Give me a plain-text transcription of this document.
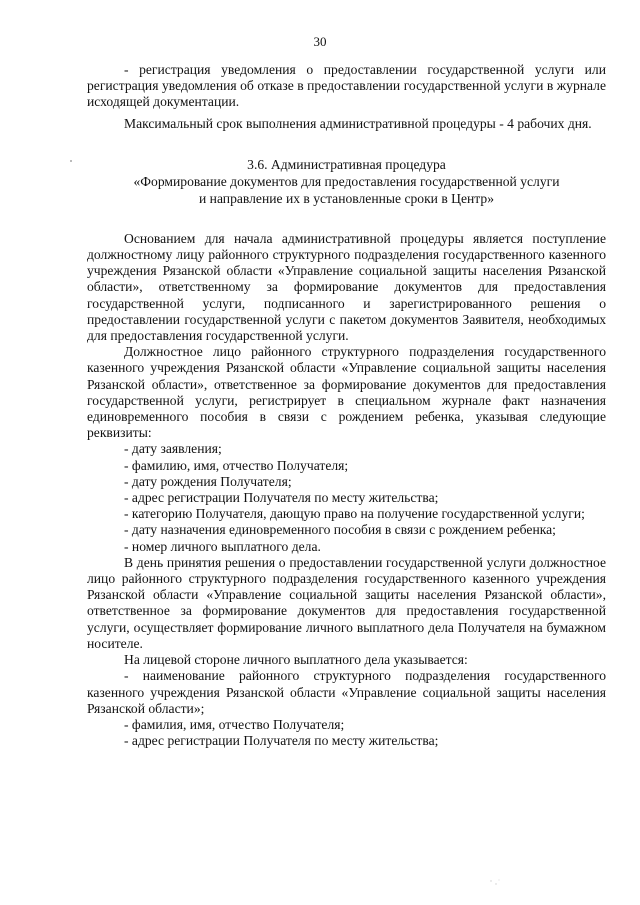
30

- регистрация уведомления о предоставлении государственной услуги или регистрация уведомления об отказе в предоставлении государственной услуги в журнале исходящей документации.

Максимальный срок выполнения административной процедуры - 4 рабочих дня.

3.6. Административная процедура
«Формирование документов для предоставления государственной услуги
и направление их в установленные сроки в Центр»

Основанием для начала административной процедуры является поступление должностному лицу районного структурного подразделения государственного казенного учреждения Рязанской области «Управление социальной защиты населения Рязанской области», ответственному за формирование документов для предоставления государственной услуги, подписанного и зарегистрированного решения о предоставлении государственной услуги с пакетом документов Заявителя, необходимых для предоставления государственной услуги.

Должностное лицо районного структурного подразделения государственного казенного учреждения Рязанской области «Управление социальной защиты населения Рязанской области», ответственное за формирование документов для предоставления государственной услуги, регистрирует в специальном журнале факт назначения единовременного пособия в связи с рождением ребенка, указывая следующие реквизиты:

- дату заявления;

- фамилию, имя, отчество Получателя;

- дату рождения Получателя;

- адрес регистрации Получателя по месту жительства;

- категорию Получателя, дающую право на получение государственной услуги;

- дату назначения единовременного пособия в связи с рождением ребенка;

- номер личного выплатного дела.

В день принятия решения о предоставлении государственной услуги должностное лицо районного структурного подразделения государственного казенного учреждения Рязанской области «Управление социальной защиты населения Рязанской области», ответственное за формирование документов для предоставления государственной услуги, осуществляет формирование личного выплатного дела Получателя на бумажном носителе.

На лицевой стороне личного выплатного дела указывается:

- наименование районного структурного подразделения государственного казенного учреждения Рязанской области «Управление социальной защиты населения Рязанской области»;

- фамилия, имя, отчество Получателя;

- адрес регистрации Получателя по месту жительства;
